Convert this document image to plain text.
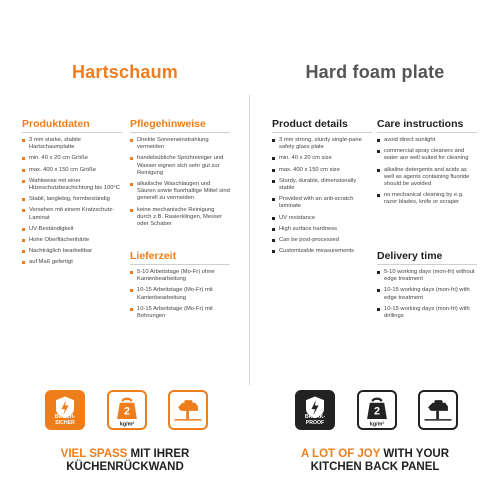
Hartschaum
Produktdaten
3 mm starke, stabile Hartschaumplatte
min. 40 x 20 cm Größe
max. 400 x 150 cm Größe
Wahlweise mit einer Hitzeschutzbeschichtung bis 100°C
Stabil, langlebig, formbeständig
Versehen mit einem Kratzschutz-Laminat
UV-Beständigkeit
Hohe Oberflächenhärte
Nachträglich bearbeitbar
auf Maß gefertigt
Pflegehinweise
Direkte Sonneneinstrahlung vermeiden
handelsübliche Sprühreiniger und Wasser eignen sich sehr gut zur Reinigung
alkalische Waschlaugen und Säuren sowie fluorhaltige Mittel sind generell zu vermeiden
keine mechanische Reinigung durch z.B. Rasierklingen, Messer oder Schaber
Lieferzeit
5-10 Arbeitstage (Mo-Fr) ohne Kantenbearbeitung
10-15 Arbeitstage (Mo-Fr) mit Kantenbearbeitung
10-15 Arbeitstage (Mo-Fr) mit Bohrungen
BRUCH-
SICHER
2
kg/m²
VIEL SPASS MIT IHRER
KÜCHENRÜCKWAND
Hard foam plate
Product details
3 mm strong, sturdy single-pane safety glass plate
min. 40 x 20 cm size
max. 400 x 150 cm size
Sturdy, durable, dimensionally stable
Provided with an anti-scratch laminate
UV resistance
High surface hardness
Can be post-processed
Customizable measurements
Care instructions
avoid direct sunlight
commercial spray cleaners and water are well suited for cleaning
alkaline detergents and acids as well as agents containing fluoride should be avoided
no mechanical cleaning by e.g. razor blades, knife or scraper
Delivery time
5-10 working days (mon-fri) without edge treatment
10-15 working days (mon-fri) with edge treatment
10-15 working days (mon-fri) with drillings
BREAK-
PROOF
2
kg/m²
A LOT OF JOY WITH YOUR
KITCHEN BACK PANEL
